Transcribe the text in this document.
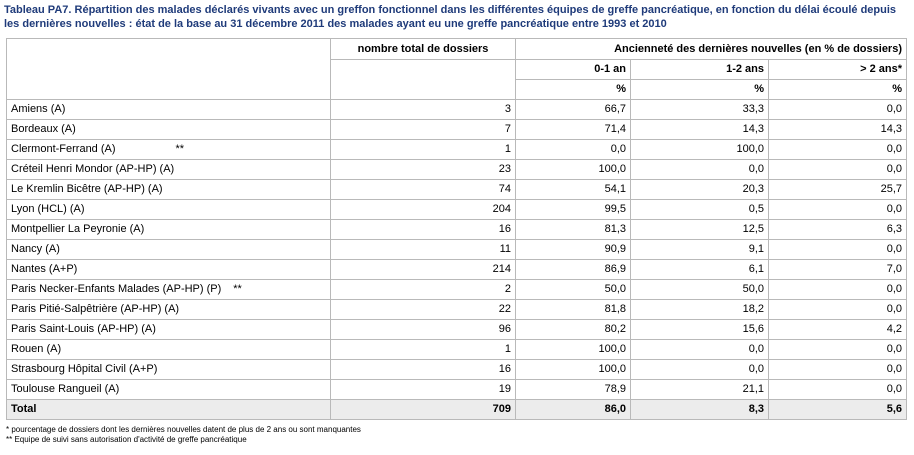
Tableau PA7. Répartition des malades déclarés vivants avec un greffon fonctionnel dans les différentes équipes de greffe pancréatique, en fonction du délai écoulé depuis les dernières nouvelles : état de la base au 31 décembre 2011 des malades ayant eu une greffe pancréatique entre 1993 et 2010
	nombre total de dossiers	Ancienneté des dernières nouvelles (en % de dossiers)		
		0-1 an	1-2 ans	> 2 ans*
		%	%	%
Amiens (A)	3	66,7	33,3	0,0
Bordeaux (A)	7	71,4	14,3	14,3
Clermont-Ferrand (A) **	1	0,0	100,0	0,0
Créteil Henri Mondor (AP-HP) (A)	23	100,0	0,0	0,0
Le Kremlin Bicêtre (AP-HP) (A)	74	54,1	20,3	25,7
Lyon (HCL) (A)	204	99,5	0,5	0,0
Montpellier La Peyronie (A)	16	81,3	12,5	6,3
Nancy (A)	11	90,9	9,1	0,0
Nantes (A+P)	214	86,9	6,1	7,0
Paris Necker-Enfants Malades (AP-HP) (P) **	2	50,0	50,0	0,0
Paris Pitié-Salpêtrière (AP-HP) (A)	22	81,8	18,2	0,0
Paris Saint-Louis (AP-HP) (A)	96	80,2	15,6	4,2
Rouen (A)	1	100,0	0,0	0,0
Strasbourg Hôpital Civil (A+P)	16	100,0	0,0	0,0
Toulouse Rangueil (A)	19	78,9	21,1	0,0
Total	709	86,0	8,3	5,6
* pourcentage de dossiers dont les dernières nouvelles datent de plus de 2 ans ou sont manquantes
** Equipe de suivi sans autorisation d'activité de greffe pancréatique
